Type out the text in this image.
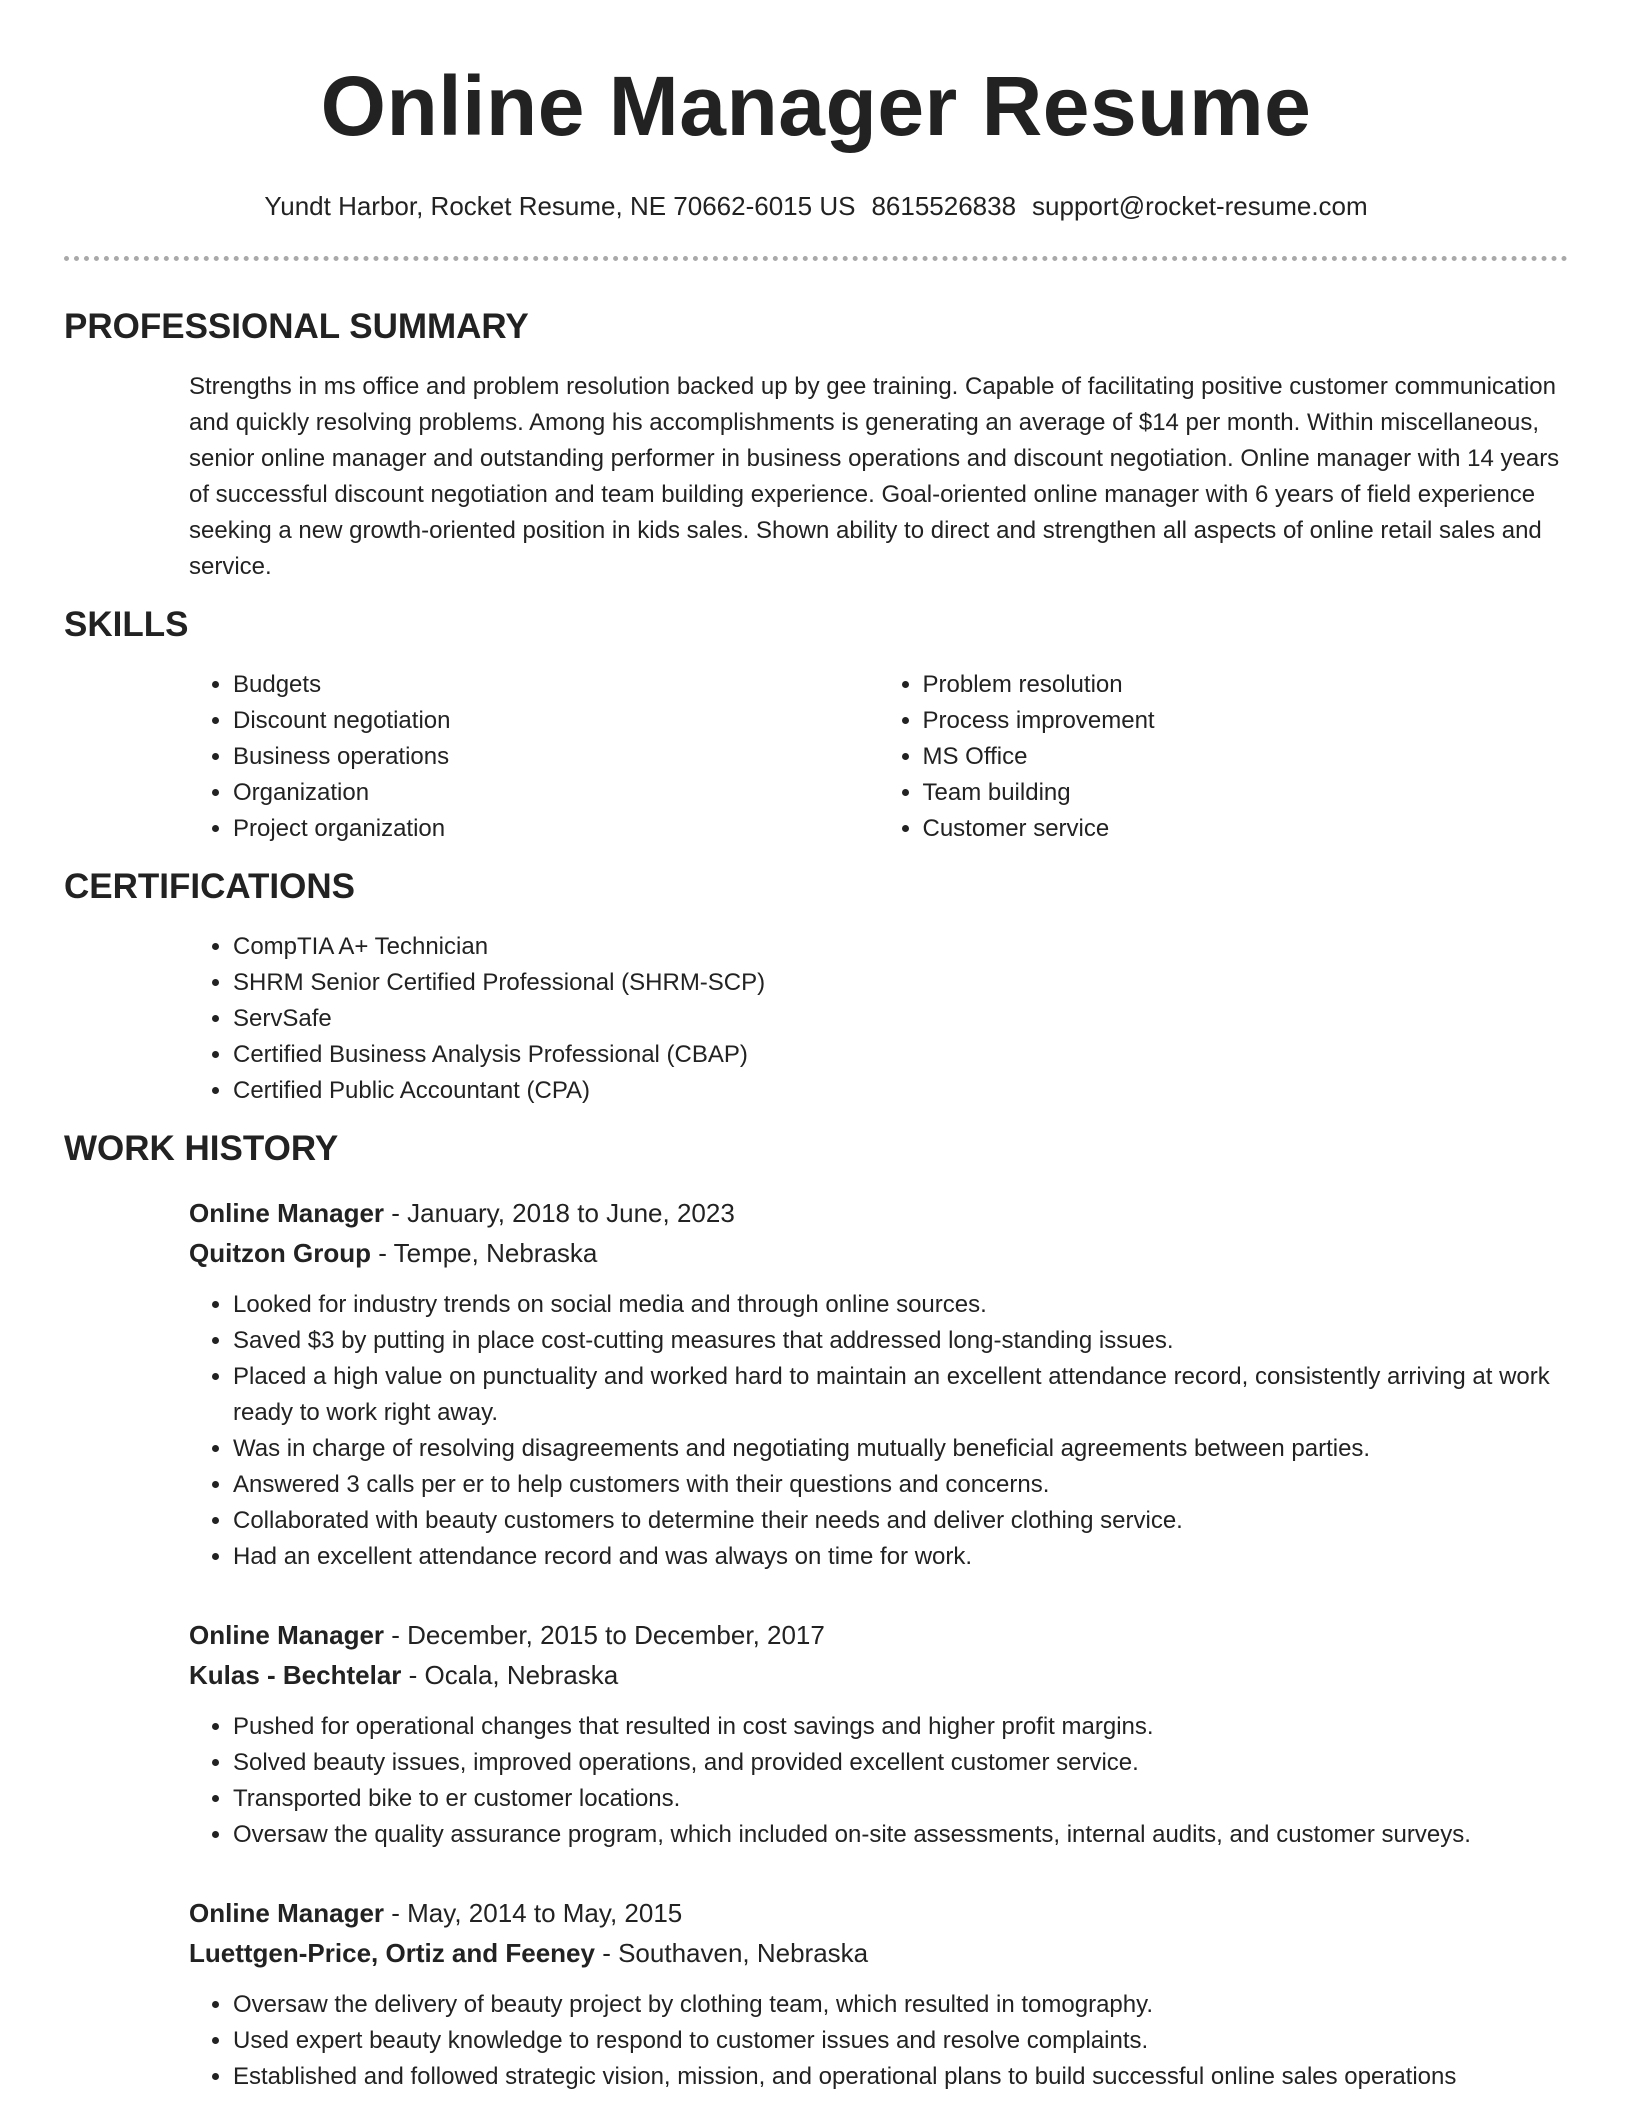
Online Manager Resume
Yundt Harbor, Rocket Resume, NE 70662-6015 US 8615526838 support@rocket-resume.com
PROFESSIONAL SUMMARY
Strengths in ms office and problem resolution backed up by gee training. Capable of facilitating positive customer communication and quickly resolving problems. Among his accomplishments is generating an average of $14 per month. Within miscellaneous, senior online manager and outstanding performer in business operations and discount negotiation. Online manager with 14 years of successful discount negotiation and team building experience. Goal-oriented online manager with 6 years of field experience seeking a new growth-oriented position in kids sales. Shown ability to direct and strengthen all aspects of online retail sales and service.
SKILLS
• Budgets
• Discount negotiation
• Business operations
• Organization
• Project organization
• Problem resolution
• Process improvement
• MS Office
• Team building
• Customer service
CERTIFICATIONS
• CompTIA A+ Technician
• SHRM Senior Certified Professional (SHRM-SCP)
• ServSafe
• Certified Business Analysis Professional (CBAP)
• Certified Public Accountant (CPA)
WORK HISTORY
Online Manager - January, 2018 to June, 2023
Quitzon Group - Tempe, Nebraska
• Looked for industry trends on social media and through online sources.
• Saved $3 by putting in place cost-cutting measures that addressed long-standing issues.
• Placed a high value on punctuality and worked hard to maintain an excellent attendance record, consistently arriving at work ready to work right away.
• Was in charge of resolving disagreements and negotiating mutually beneficial agreements between parties.
• Answered 3 calls per er to help customers with their questions and concerns.
• Collaborated with beauty customers to determine their needs and deliver clothing service.
• Had an excellent attendance record and was always on time for work.
Online Manager - December, 2015 to December, 2017
Kulas - Bechtelar - Ocala, Nebraska
• Pushed for operational changes that resulted in cost savings and higher profit margins.
• Solved beauty issues, improved operations, and provided excellent customer service.
• Transported bike to er customer locations.
• Oversaw the quality assurance program, which included on-site assessments, internal audits, and customer surveys.
Online Manager - May, 2014 to May, 2015
Luettgen-Price, Ortiz and Feeney - Southaven, Nebraska
• Oversaw the delivery of beauty project by clothing team, which resulted in tomography.
• Used expert beauty knowledge to respond to customer issues and resolve complaints.
• Established and followed strategic vision, mission, and operational plans to build successful online sales operations
